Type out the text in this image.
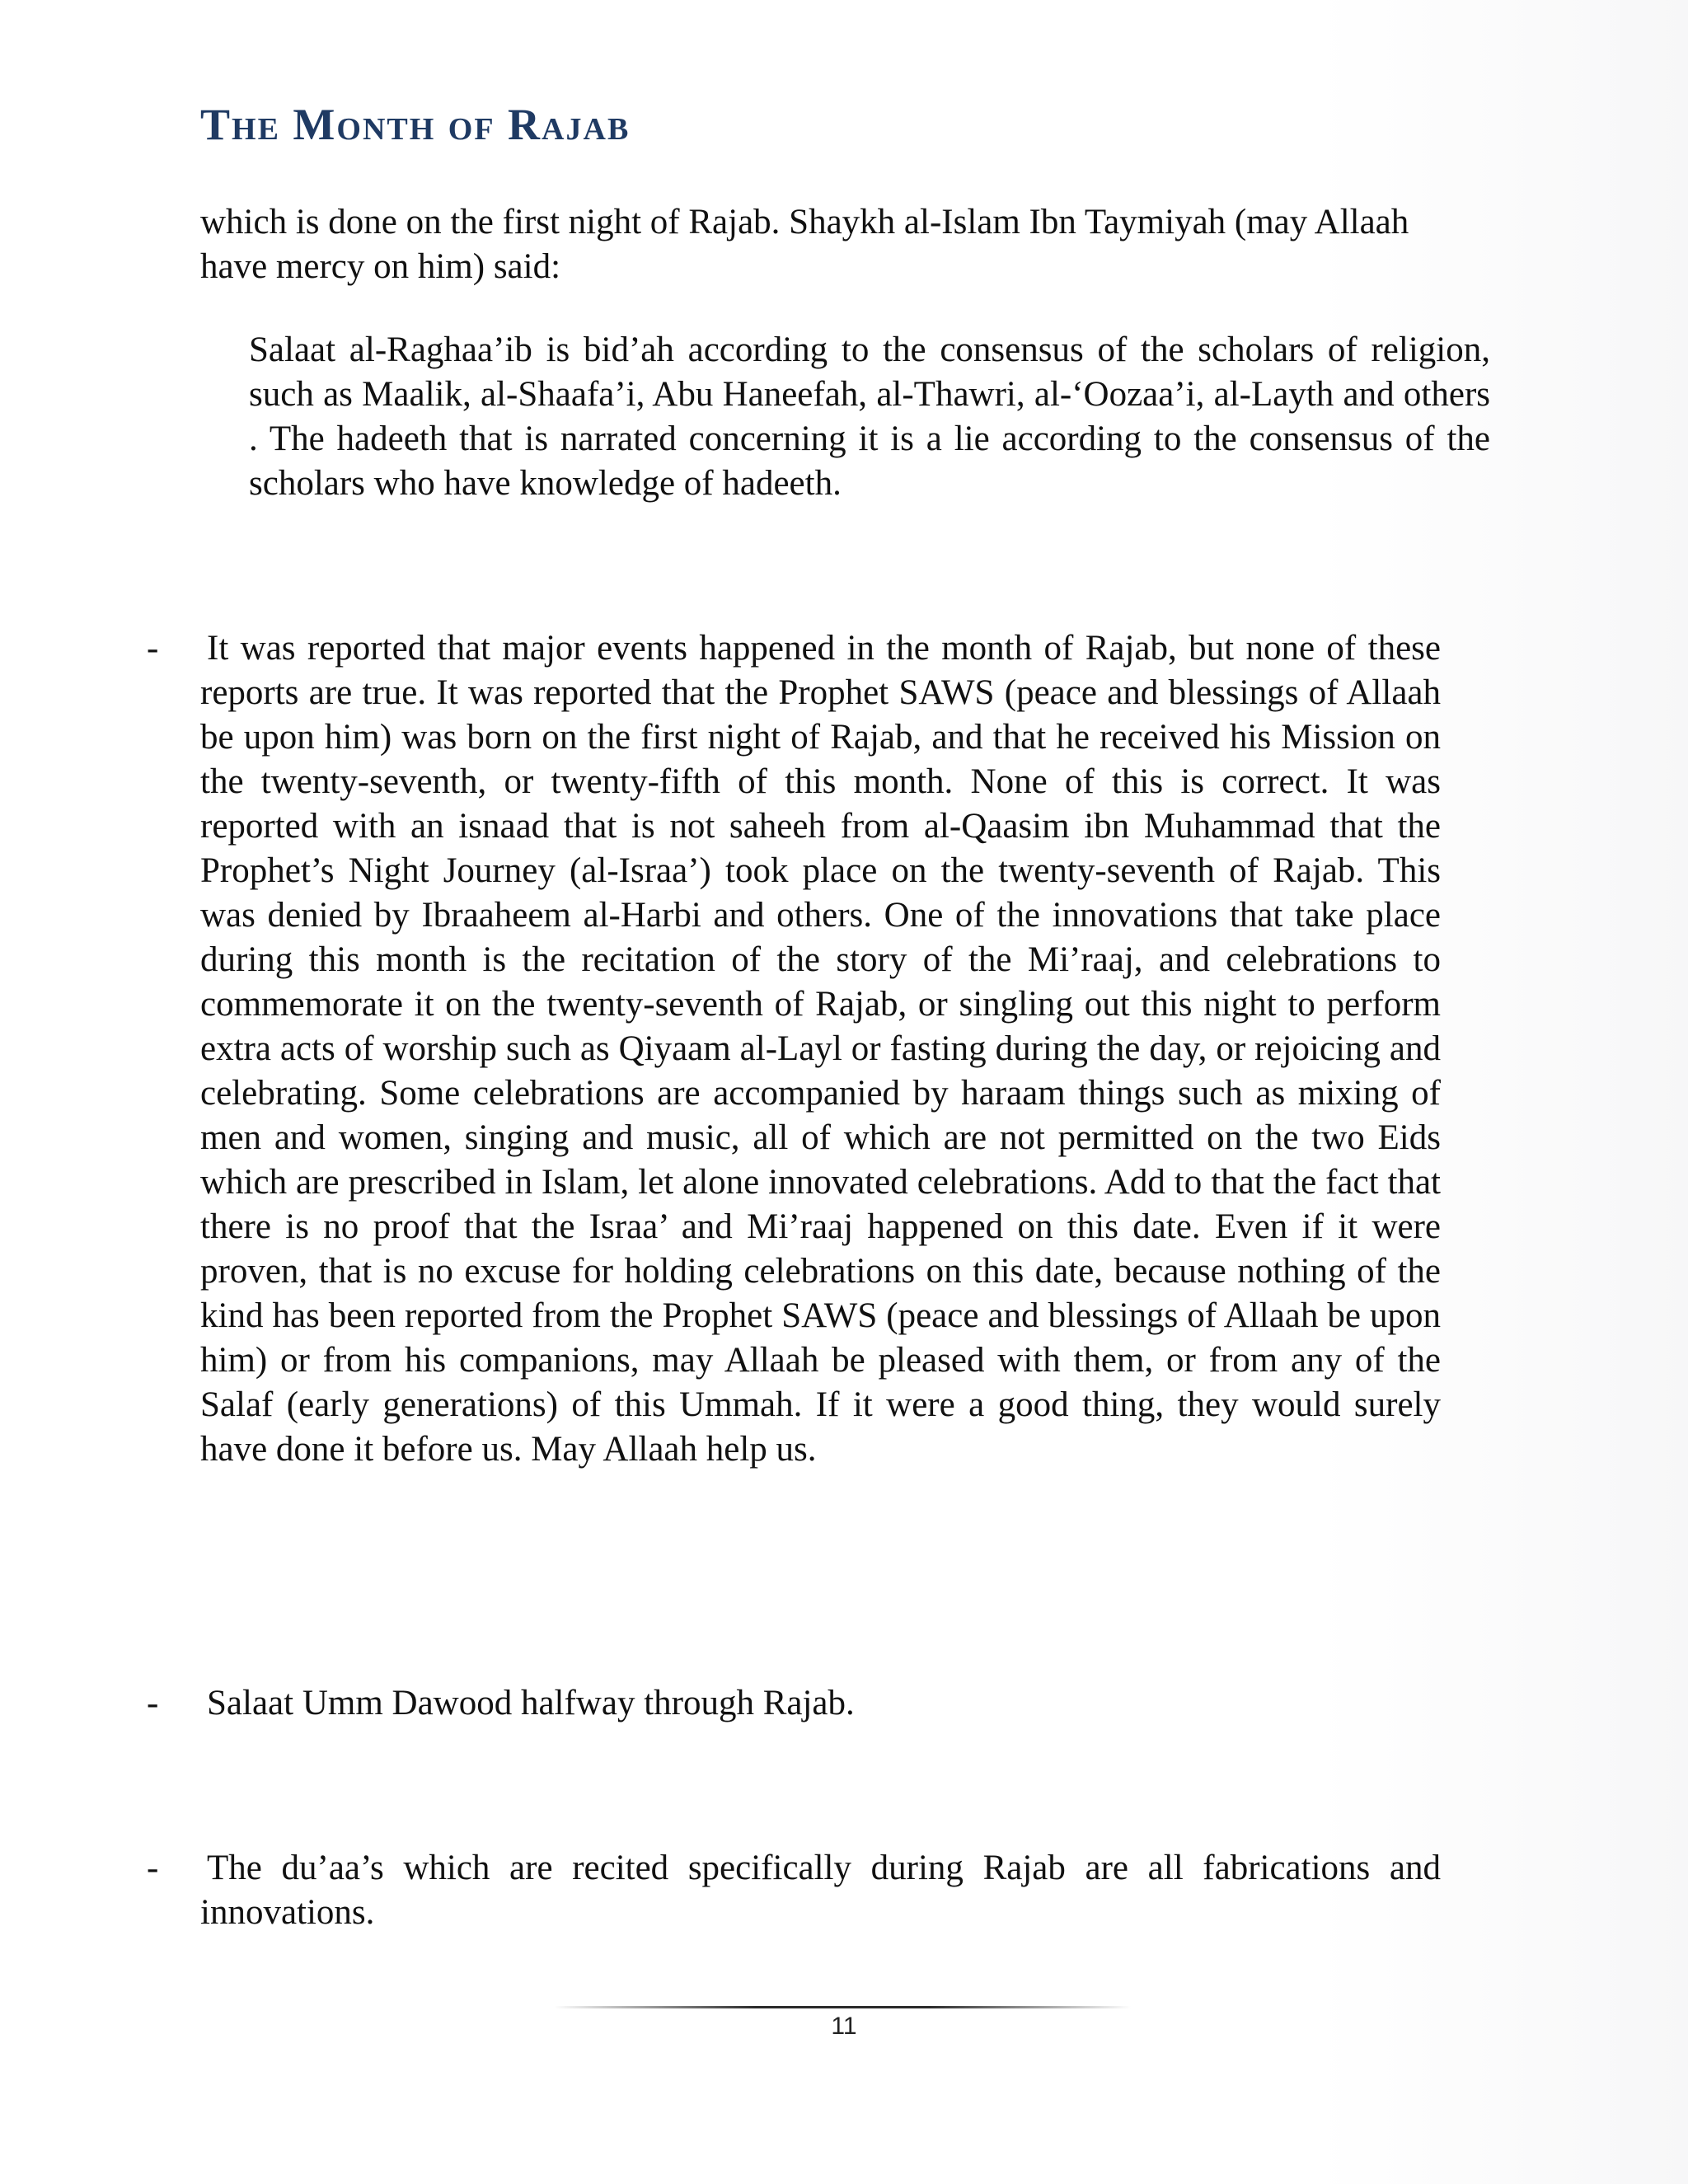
The Month of Rajab

which is done on the first night of Rajab. Shaykh al-Islam Ibn Taymiyah (may Allaah have mercy on him) said:

Salaat al-Raghaa’ib is bid’ah according to the consensus of the scholars of religion, such as Maalik, al-Shaafa’i, Abu Haneefah, al-Thawri, al-‘Oozaa’i, al-Layth and others . The hadeeth that is narrated concerning it is a lie according to the consensus of the scholars who have knowledge of hadeeth.

- It was reported that major events happened in the month of Rajab, but none of these reports are true. It was reported that the Prophet SAWS (peace and blessings of Allaah be upon him) was born on the first night of Rajab, and that he received his Mission on the twenty-seventh, or twenty-fifth of this month. None of this is correct. It was reported with an isnaad that is not saheeh from al-Qaasim ibn Muhammad that the Prophet’s Night Journey (al-Israa’) took place on the twenty-seventh of Rajab. This was denied by Ibraaheem al-Harbi and others. One of the innovations that take place during this month is the recitation of the story of the Mi’raaj, and celebrations to commemorate it on the twenty-seventh of Rajab, or singling out this night to perform extra acts of worship such as Qiyaam al-Layl or fasting during the day, or rejoicing and celebrating. Some celebrations are accompanied by haraam things such as mixing of men and women, singing and music, all of which are not permitted on the two Eids which are prescribed in Islam, let alone innovated celebrations. Add to that the fact that there is no proof that the Israa’ and Mi’raaj happened on this date. Even if it were proven, that is no excuse for holding celebrations on this date, because nothing of the kind has been reported from the Prophet SAWS (peace and blessings of Allaah be upon him) or from his companions, may Allaah be pleased with them, or from any of the Salaf (early generations) of this Ummah. If it were a good thing, they would surely have done it before us. May Allaah help us.

- Salaat Umm Dawood halfway through Rajab.

- The du’aa’s which are recited specifically during Rajab are all fabrications and innovations.

11
